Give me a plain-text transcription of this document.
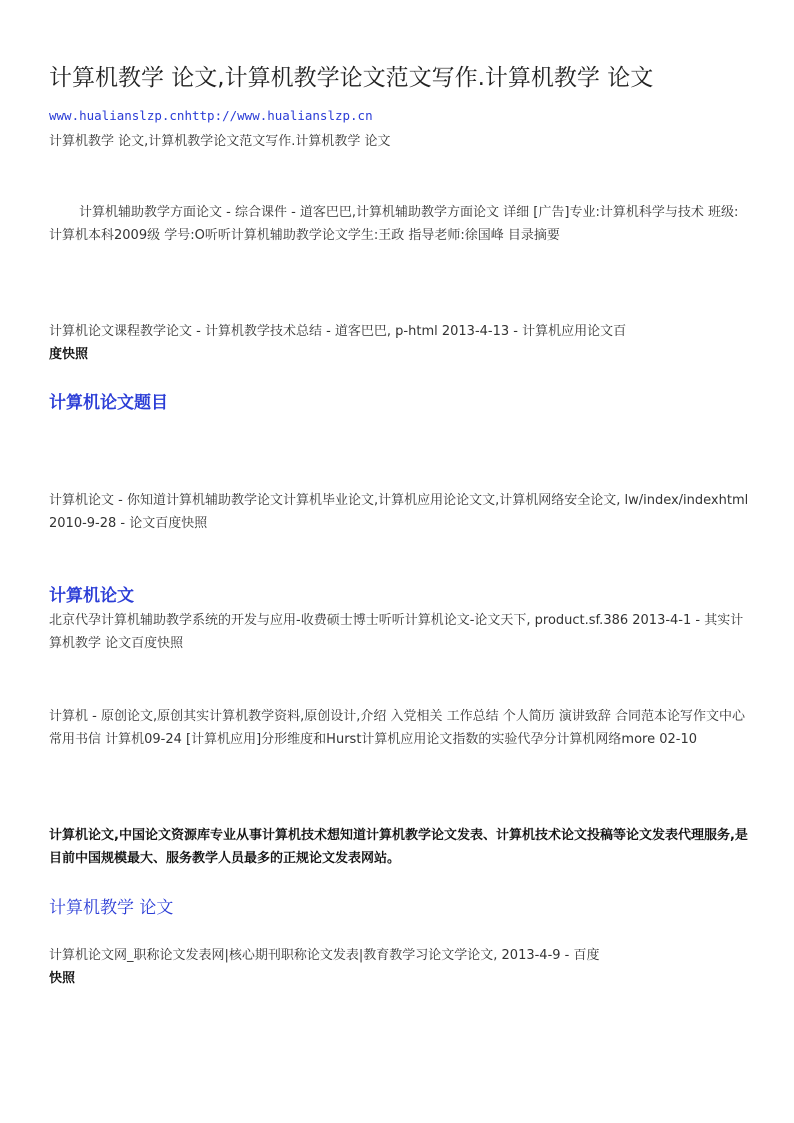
计算机教学 论文,计算机教学论文范文写作.计算机教学 论文
www.hualianslzp.cnhttp://www.hualianslzp.cn
计算机教学 论文,计算机教学论文范文写作.计算机教学 论文
计算机辅助教学方面论文 - 综合课件 - 道客巴巴,计算机辅助教学方面论文 详细 [广告]专业:计算机科学与技术 班级:计算机本科2009级 学号:O听听计算机辅助教学论文学生:王政 指导老师:徐国峰 目录摘要
计算机论文课程教学论文 - 计算机教学技术总结 - 道客巴巴, p-html 2013-4-13 - 计算机应用论文百
度快照
计算机论文题目
计算机论文 - 你知道计算机辅助教学论文计算机毕业论文,计算机应用论论文文,计算机网络安全论文, lw/index/indexhtml 2010-9-28 - 论文百度快照
计算机论文
北京代孕计算机辅助教学系统的开发与应用-收费硕士博士听听计算机论文-论文天下, product.sf.386 2013-4-1 - 其实计算机教学 论文百度快照
计算机 - 原创论文,原创其实计算机教学资料,原创设计,介绍 入党相关 工作总结 个人简历 演讲致辞 合同范本论写作文中心 常用书信 计算机09-24 [计算机应用]分形维度和Hurst计算机应用论文指数的实验代孕分计算机网络more 02-10
计算机论文,中国论文资源库专业从事计算机技术想知道计算机教学论文发表、计算机技术论文投稿等论文发表代理服务,是目前中国规模最大、服务教学人员最多的正规论文发表网站。
计算机教学 论文
计算机论文网_职称论文发表网|核心期刊职称论文发表|教育教学习论文学论文, 2013-4-9 - 百度
快照
